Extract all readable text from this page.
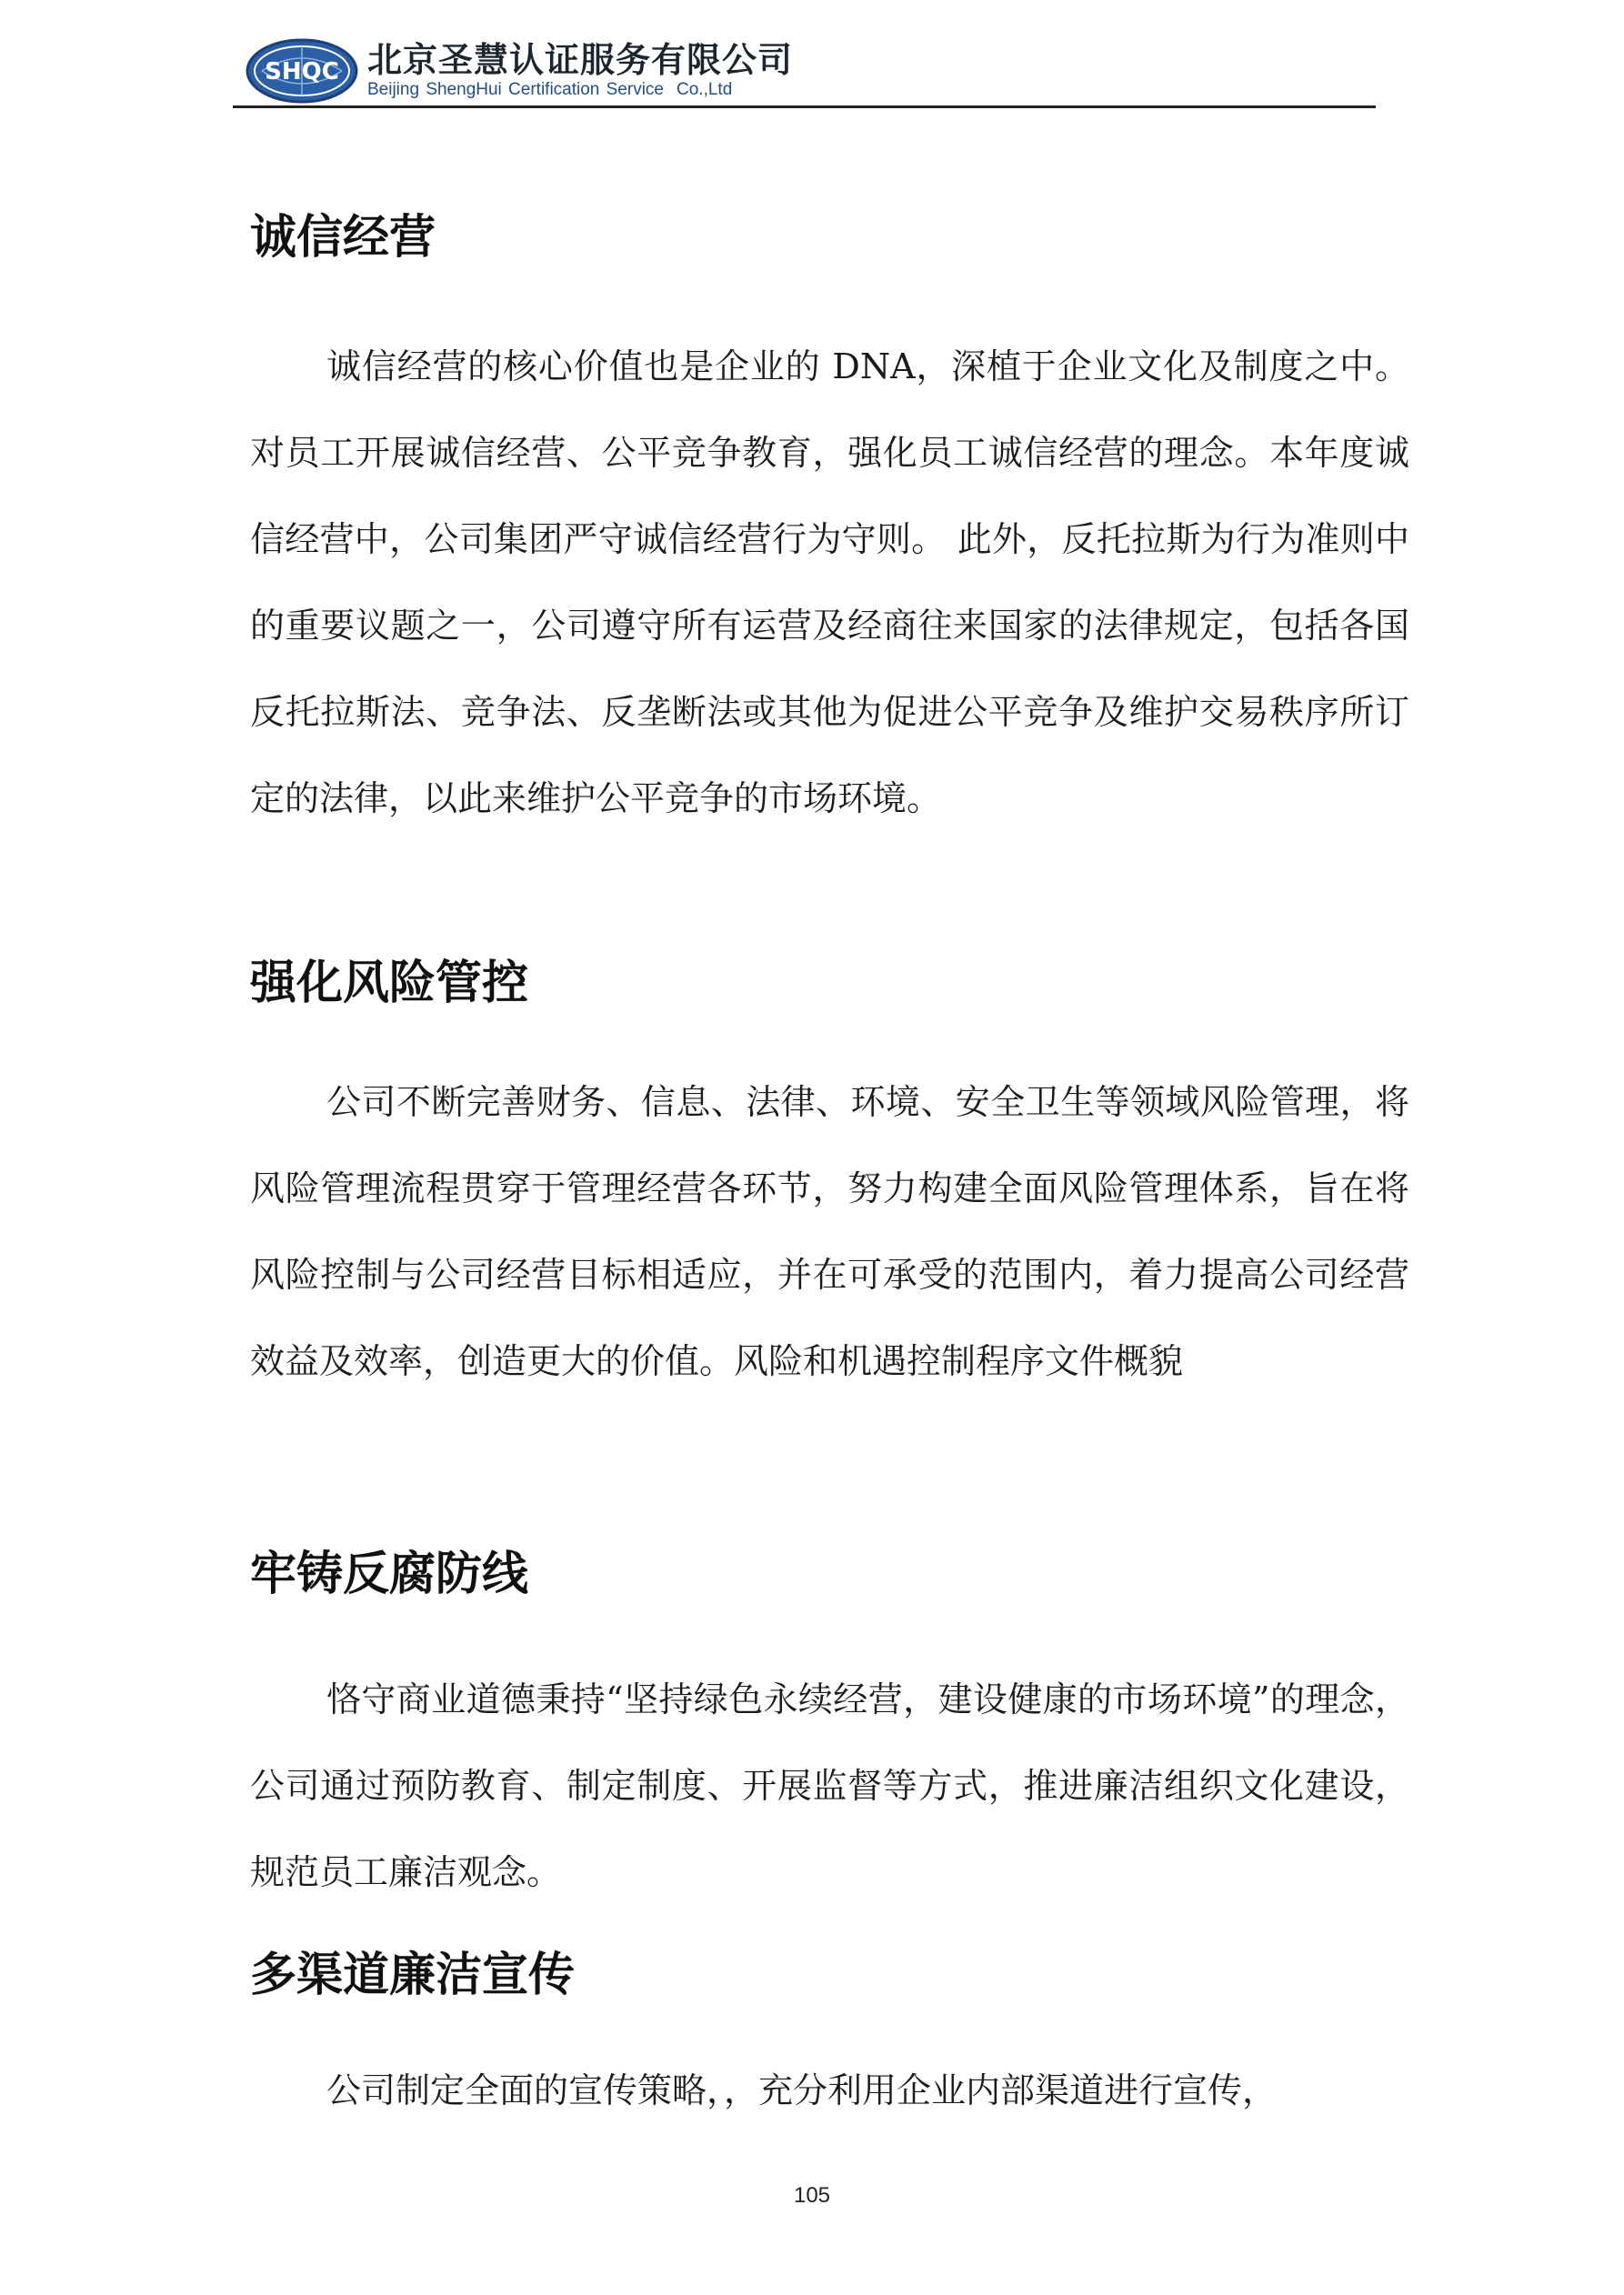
SHQC 北京圣慧认证服务有限公司
Beijing ShengHui Certification Service Co.,Ltd
诚信经营

诚信经营的核心价值也是企业的 DNA，深植于企业文化及制度之中。对员工开展诚信经营、公平竞争教育，强化员工诚信经营的理念。本年度诚信经营中，公司集团严守诚信经营行为守则。 此外，反托拉斯为行为准则中的重要议题之一，公司遵守所有运营及经商往来国家的法律规定，包括各国反托拉斯法、竞争法、反垄断法或其他为促进公平竞争及维护交易秩序所订定的法律，以此来维护公平竞争的市场环境。

强化风险管控

公司不断完善财务、信息、法律、环境、安全卫生等领域风险管理，将风险管理流程贯穿于管理经营各环节，努力构建全面风险管理体系，旨在将风险控制与公司经营目标相适应，并在可承受的范围内，着力提高公司经营效益及效率，创造更大的价值。风险和机遇控制程序文件概貌

牢铸反腐防线

恪守商业道德秉持“坚持绿色永续经营，建设健康的市场环境”的理念，公司通过预防教育、制定制度、开展监督等方式，推进廉洁组织文化建设，规范员工廉洁观念。

多渠道廉洁宣传

公司制定全面的宣传策略，，充分利用企业内部渠道进行宣传，

105
